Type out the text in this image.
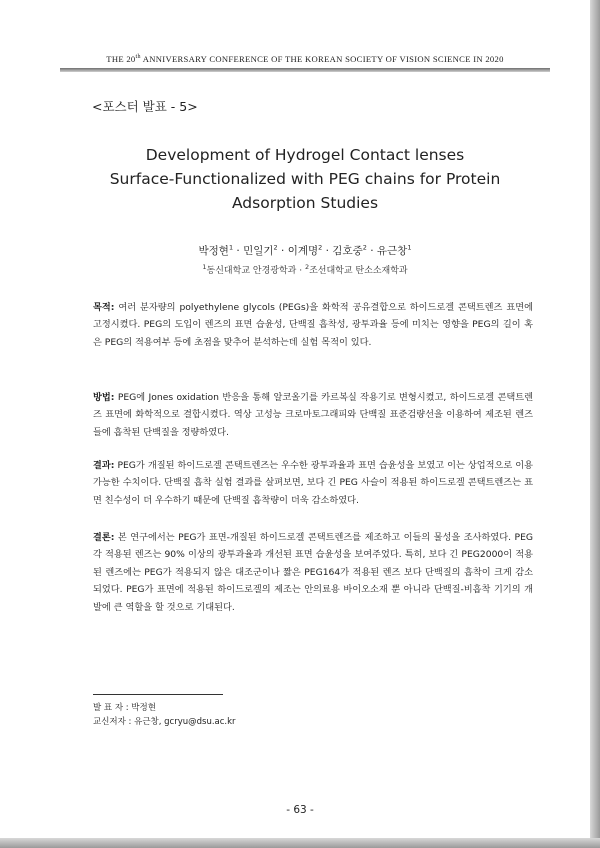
THE 20th ANNIVERSARY CONFERENCE OF THE KOREAN SOCIETY OF VISION SCIENCE IN 2020
<포스터 발표 - 5>
Development of Hydrogel Contact lenses
Surface-Functionalized with PEG chains for Protein
Adsorption Studies
박정현$^1$ · 민일기$^2$ · 이계명$^2$ · 김호중$^2$ · 유근창$^1$
$^1$동신대학교 안경광학과 · $^2$조선대학교 탄소소재학과

목적: 여러 분자량의 polyethylene glycols (PEGs)을 화학적 공유결합으로 하이드로겔 콘택트렌즈 표면에 고정시켰다. PEG의 도입이 렌즈의 표면 습윤성, 단백질 흡착성, 광투과율 등에 미치는 영향을 PEG의 길이 혹은 PEG의 적용여부 등에 초점을 맞추어 분석하는데 실험 목적이 있다.

방법: PEG에 Jones oxidation 반응을 통해 알코올기를 카르복실 작용기로 변형시켰고, 하이드로겔 콘택트렌즈 표면에 화학적으로 결합시켰다. 역상 고성능 크로마토그래피와 단백질 표준검량선을 이용하여 제조된 렌즈들에 흡착된 단백질을 정량하였다.

결과: PEG가 개질된 하이드로겔 콘택트렌즈는 우수한 광투과율과 표면 습윤성을 보였고 이는 상업적으로 이용가능한 수치이다. 단백질 흡착 실험 결과를 살펴보면, 보다 긴 PEG 사슬이 적용된 하이드로겔 콘택트렌즈는 표면 친수성이 더 우수하기 때문에 단백질 흡착량이 더욱 감소하였다.

결론: 본 연구에서는 PEG가 표면-개질된 하이드로겔 콘택트렌즈를 제조하고 이들의 물성을 조사하였다. PEG각 적용된 렌즈는 90% 이상의 광투과율과 개선된 표면 습윤성을 보여주었다. 특히, 보다 긴 PEG2000이 적용된 렌즈에는 PEG가 적용되지 않은 대조군이나 짧은 PEG164가 적용된 렌즈 보다 단백질의 흡착이 크게 감소되었다. PEG가 표면에 적용된 하이드로겔의 제조는 안의료용 바이오소재 뿐 아니라 단백질-비흡착 기기의 개발에 큰 역할을 할 것으로 기대된다.

발 표 자 : 박정현
교신저자 : 유근창, gcryu@dsu.ac.kr
- 63 -
